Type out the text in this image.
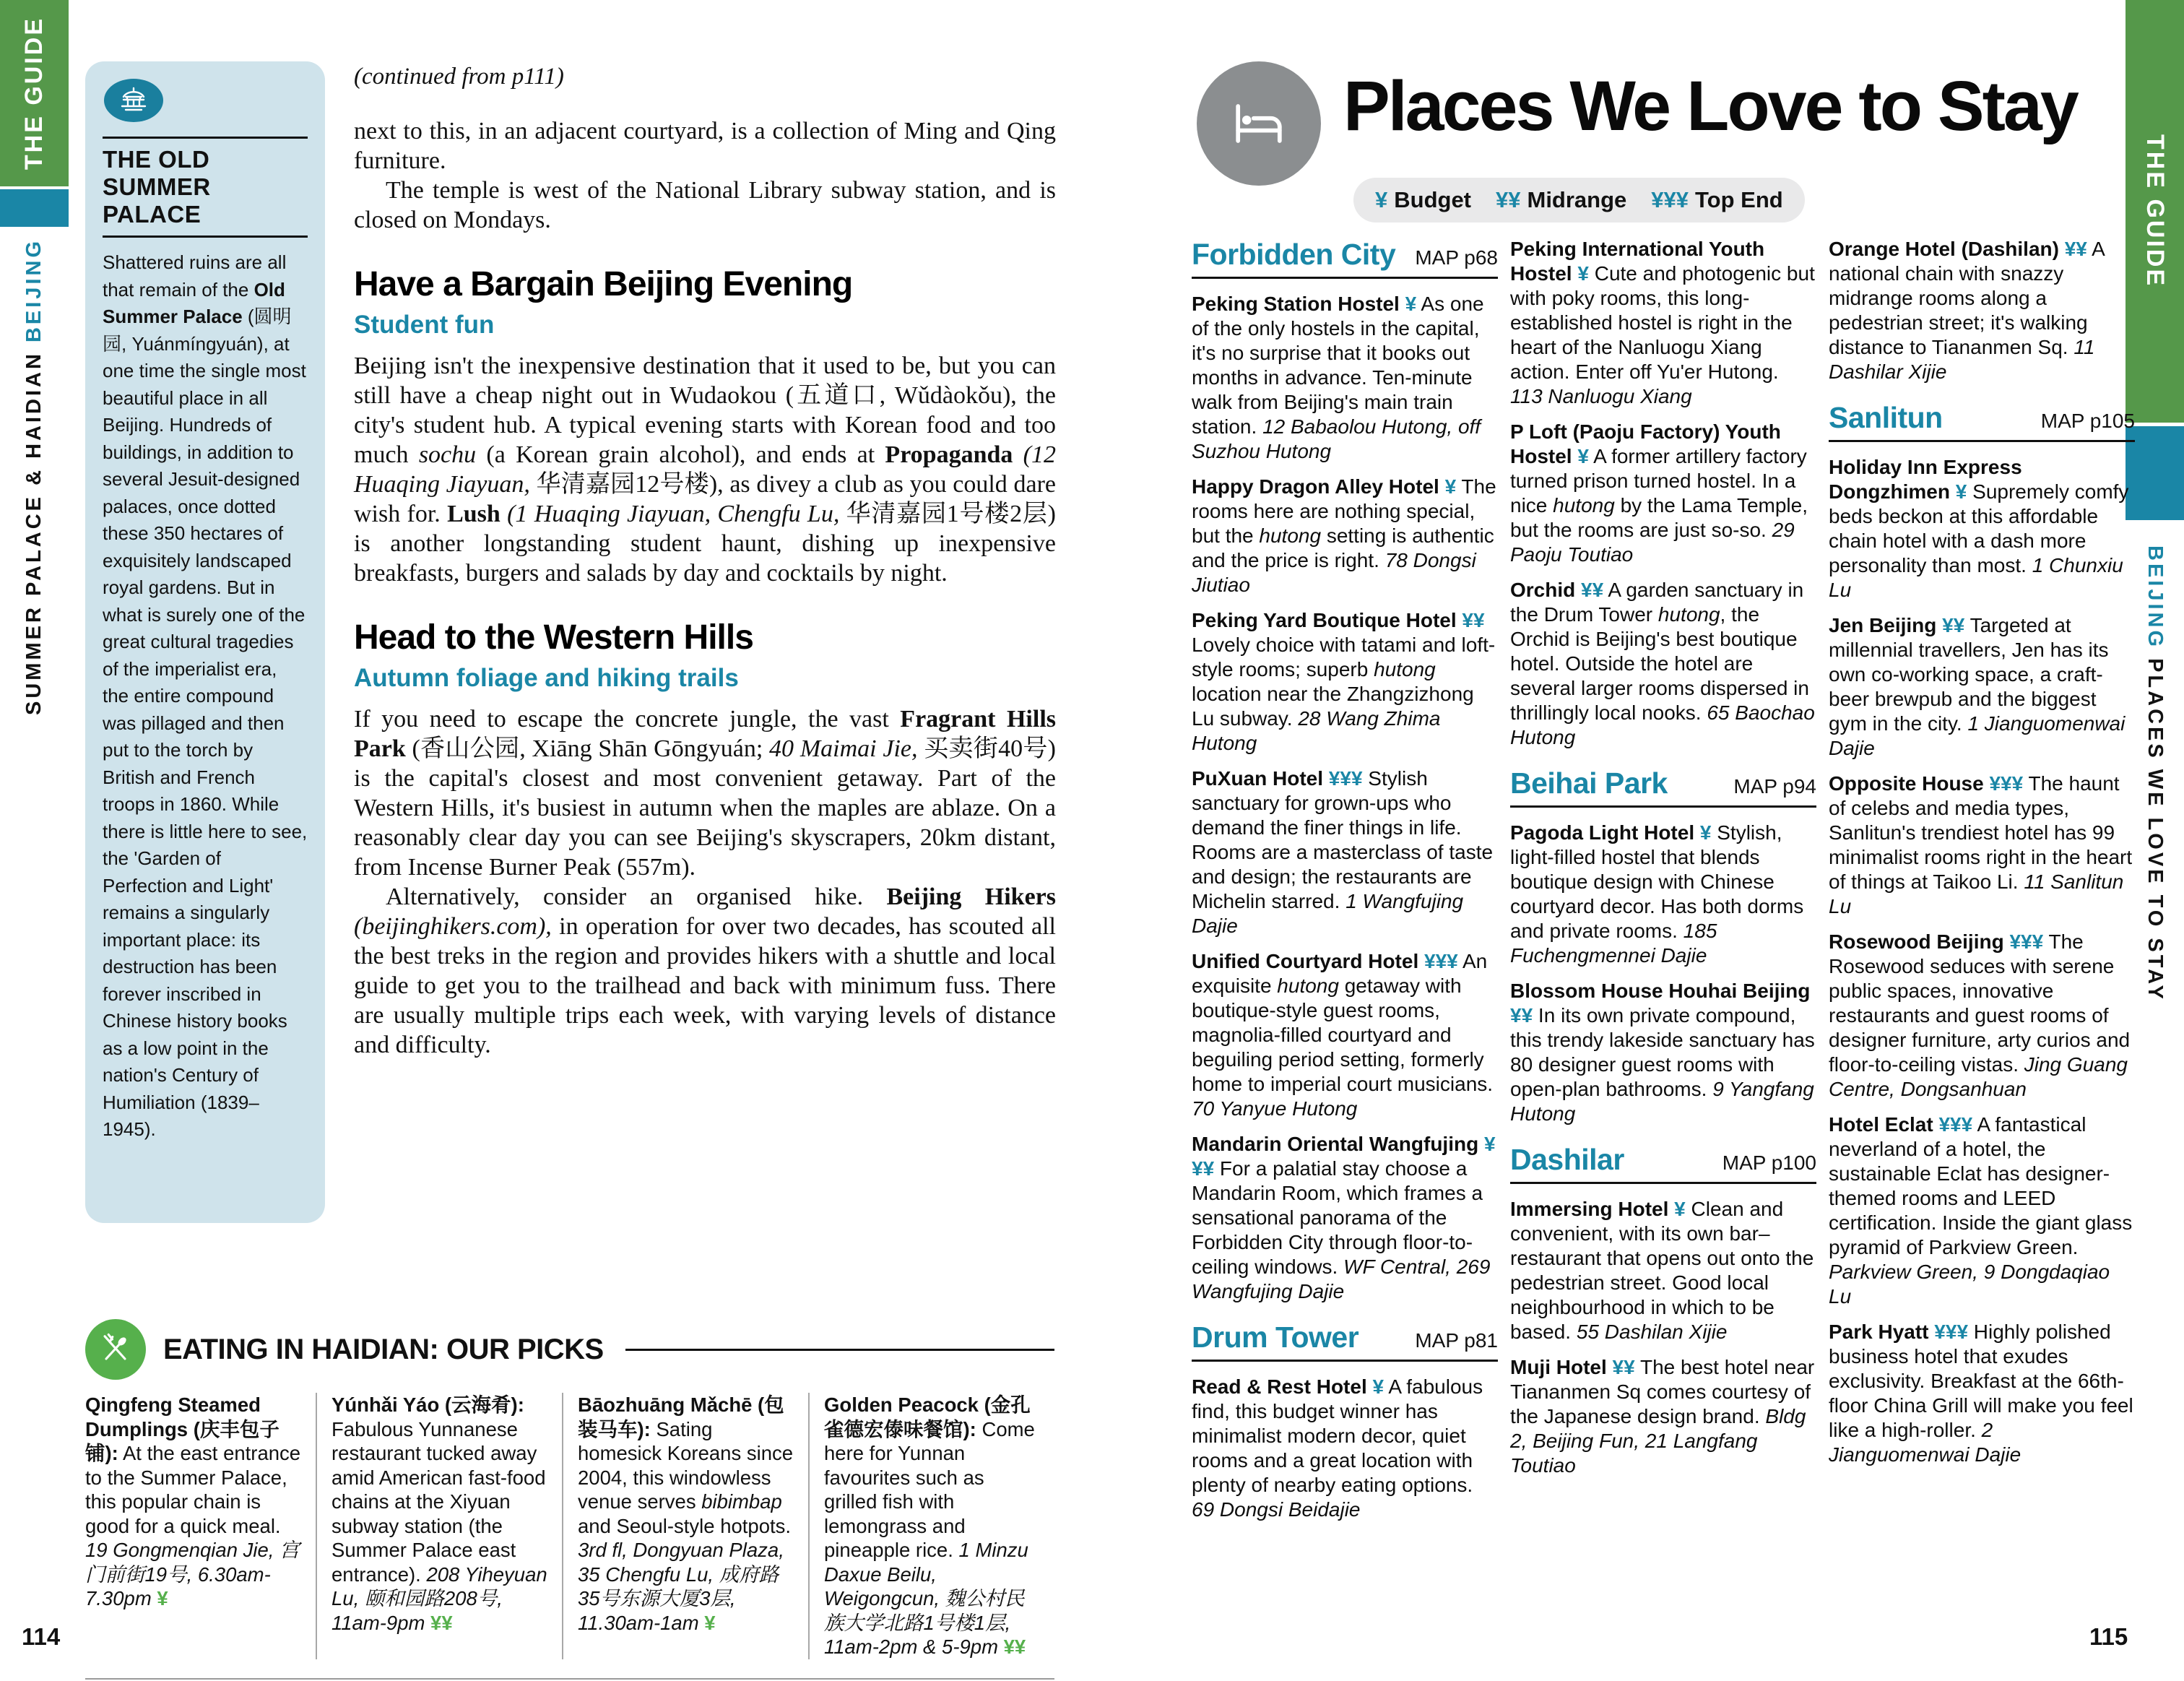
THE GUIDE
SUMMER PALACE & HAIDIAN BEIJING
THE GUIDE
BEIJING PLACES WE LOVE TO STAY
THE OLD SUMMER PALACE
Shattered ruins are all that remain of the Old Summer Palace (圆明园, Yuánmíngyuán), at one time the single most beautiful place in all Beijing. Hundreds of buildings, in addition to several Jesuit-designed palaces, once dotted these 350 hectares of exquisitely landscaped royal gardens. But in what is surely one of the great cultural tragedies of the imperialist era, the entire compound was pillaged and then put to the torch by British and French troops in 1860. While there is little here to see, the 'Garden of Perfection and Light' remains a singularly important place: its destruction has been forever inscribed in Chinese history books as a low point in the nation's Century of Humiliation (1839–1945).
(continued from p111)

next to this, in an adjacent courtyard, is a collection of Ming and Qing furniture.

The temple is west of the National Library subway station, and is closed on Mondays.

Have a Bargain Beijing Evening
Student fun

Beijing isn't the inexpensive destination that it used to be, but you can still have a cheap night out in Wudaokou (五道口, Wǔdàokǒu), the city's student hub. A typical evening starts with Korean food and too much sochu (a Korean grain alcohol), and ends at Propaganda (12 Huaqing Jiayuan, 华清嘉园12号楼), as divey a club as you could dare wish for. Lush (1 Huaqing Jiayuan, Chengfu Lu, 华清嘉园1号楼2层) is another longstanding student haunt, dishing up inexpensive breakfasts, burgers and salads by day and cocktails by night.

Head to the Western Hills
Autumn foliage and hiking trails

If you need to escape the concrete jungle, the vast Fragrant Hills Park (香山公园, Xiāng Shān Gōngyuán; 40 Maimai Jie, 买卖街40号) is the capital's closest and most convenient getaway. Part of the Western Hills, it's busiest in autumn when the maples are ablaze. On a reasonably clear day you can see Beijing's skyscrapers, 20km distant, from Incense Burner Peak (557m).

Alternatively, consider an organised hike. Beijing Hikers (beijinghikers.com), in operation for over two decades, has scouted all the best treks in the region and provides hikers with a shuttle and local guide to get you to the trailhead and back with minimum fuss. There are usually multiple trips each week, with varying levels of distance and difficulty.

EATING IN HAIDIAN: OUR PICKS
Qingfeng Steamed Dumplings (庆丰包子铺): At the east entrance to the Summer Palace, this popular chain is good for a quick meal. 19 Gongmenqian Jie, 宫门前街19号, 6.30am-7.30pm ¥
Yúnhǎi Yáo (云海肴): Fabulous Yunnanese restaurant tucked away amid American fast-food chains at the Xiyuan subway station (the Summer Palace east entrance). 208 Yiheyuan Lu, 颐和园路208号, 11am-9pm ¥¥
Bāozhuāng Mǎchē (包装马车): Sating homesick Koreans since 2004, this windowless venue serves bibimbap and Seoul-style hotpots. 3rd fl, Dongyuan Plaza, 35 Chengfu Lu, 成府路35号东源大厦3层, 11.30am-1am ¥
Golden Peacock (金孔雀德宏傣味餐馆): Come here for Yunnan favourites such as grilled fish with lemongrass and pineapple rice. 1 Minzu Daxue Beilu, Weigongcun, 魏公村民族大学北路1号楼1层, 11am-2pm & 5-9pm ¥¥
Places We Love to Stay
¥ Budget ¥¥ Midrange ¥¥¥ Top End
Forbidden City MAP p68

Peking Station Hostel ¥ As one of the only hostels in the capital, it's no surprise that it books out months in advance. Ten-minute walk from Beijing's main train station. 12 Babaolou Hutong, off Suzhou Hutong

Happy Dragon Alley Hotel ¥ The rooms here are nothing special, but the hutong setting is authentic and the price is right. 78 Dongsi Jiutiao

Peking Yard Boutique Hotel ¥¥ Lovely choice with tatami and loft-style rooms; superb hutong location near the Zhangzizhong Lu subway. 28 Wang Zhima Hutong

PuXuan Hotel ¥¥¥ Stylish sanctuary for grown-ups who demand the finer things in life. Rooms are a masterclass of taste and design; the restaurants are Michelin starred. 1 Wangfujing Dajie

Unified Courtyard Hotel ¥¥¥ An exquisite hutong getaway with boutique-style guest rooms, magnolia-filled courtyard and beguiling period setting, formerly home to imperial court musicians. 70 Yanyue Hutong

Mandarin Oriental Wangfujing ¥¥¥ For a palatial stay choose a Mandarin Room, which frames a sensational panorama of the Forbidden City through floor-to-ceiling windows. WF Central, 269 Wangfujing Dajie

Drum Tower	MAP p81

Read & Rest Hotel ¥ A fabulous find, this budget winner has minimalist modern decor, quiet rooms and a great location with plenty of nearby eating options. 69 Dongsi Beidajie

Peking International Youth Hostel ¥ Cute and photogenic but with poky rooms, this long-established hostel is right in the heart of the Nanluogu Xiang action. Enter off Yu'er Hutong. 113 Nanluogu Xiang

P Loft (Paoju Factory) Youth Hostel ¥ A former artillery factory turned prison turned hostel. In a nice hutong by the Lama Temple, but the rooms are just so-so. 29 Paoju Toutiao

Orchid ¥¥ A garden sanctuary in the Drum Tower hutong, the Orchid is Beijing's best boutique hotel. Outside the hotel are several larger rooms dispersed in thrillingly local nooks. 65 Baochao Hutong

Beihai Park	MAP p94

Pagoda Light Hotel ¥ Stylish, light-filled hostel that blends boutique design with Chinese courtyard decor. Has both dorms and private rooms. 185 Fuchengmennei Dajie

Blossom House Houhai Beijing ¥¥ In its own private compound, this trendy lakeside sanctuary has 80 designer guest rooms with open-plan bathrooms. 9 Yangfang Hutong

Dashilar	MAP p100

Immersing Hotel ¥ Clean and convenient, with its own bar–restaurant that opens out onto the pedestrian street. Good local neighbourhood in which to be based. 55 Dashilan Xijie

Muji Hotel ¥¥ The best hotel near Tiananmen Sq comes courtesy of the Japanese design brand. Bldg 2, Beijing Fun, 21 Langfang Toutiao

Orange Hotel (Dashilan) ¥¥ A national chain with snazzy midrange rooms along a pedestrian street; it's walking distance to Tiananmen Sq. 11 Dashilar Xijie

Sanlitun	MAP p105

Holiday Inn Express Dongzhimen ¥ Supremely comfy beds beckon at this affordable chain hotel with a dash more personality than most. 1 Chunxiu Lu

Jen Beijing ¥¥ Targeted at millennial travellers, Jen has its own co-working space, a craft-beer brewpub and the biggest gym in the city. 1 Jianguomenwai Dajie

Opposite House ¥¥¥ The haunt of celebs and media types, Sanlitun's trendiest hotel has 99 minimalist rooms right in the heart of things at Taikoo Li. 11 Sanlitun Lu

Rosewood Beijing ¥¥¥ The Rosewood seduces with serene public spaces, innovative restaurants and guest rooms of designer furniture, arty curios and floor-to-ceiling vistas. Jing Guang Centre, Dongsanhuan

Hotel Eclat ¥¥¥ A fantastical neverland of a hotel, the sustainable Eclat has designer-themed rooms and LEED certification. Inside the giant glass pyramid of Parkview Green. Parkview Green, 9 Dongdaqiao Lu

Park Hyatt ¥¥¥ Highly polished business hotel that exudes exclusivity. Breakfast at the 66th-floor China Grill will make you feel like a high-roller. 2 Jianguomenwai Dajie

114	115
